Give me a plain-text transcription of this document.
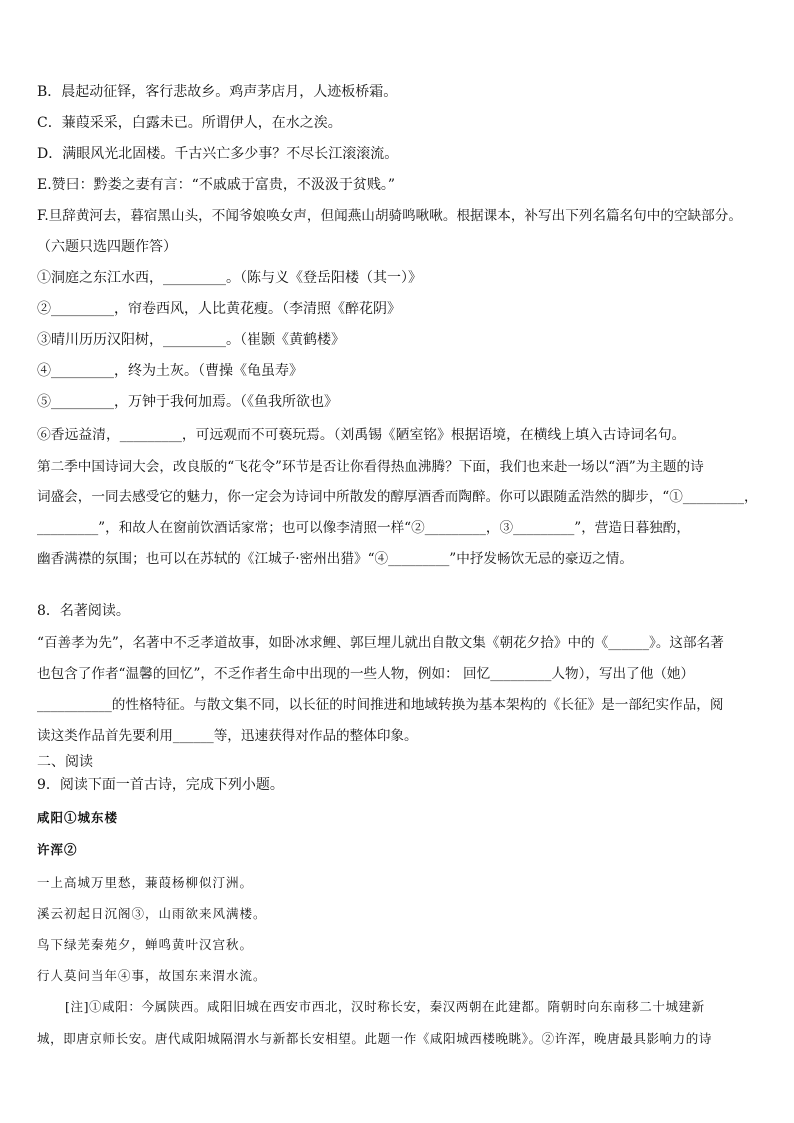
B．晨起动征铎，客行悲故乡。鸡声茅店月，人迹板桥霜。
C．蒹葭采采，白露未已。所谓伊人，在水之涘。
D．满眼风光北固楼。千古兴亡多少事？不尽长江滚滚流。
E.赞曰：黔娄之妻有言：“不戚戚于富贵，不汲汲于贫贱。”
F.旦辞黄河去，暮宿黑山头，不闻爷娘唤女声，但闻燕山胡骑鸣啾啾。根据课本，补写出下列名篇名句中的空缺部分。
（六题只选四题作答）
①洞庭之东江水西，_________。（陈与义《登岳阳楼（其一）》
②_________，帘卷西风，人比黄花瘦。（李清照《醉花阴》
③晴川历历汉阳树，_________。（崔颢《黄鹤楼》
④_________，终为土灰。（曹操《龟虽寿》
⑤_________，万钟于我何加焉。（《鱼我所欲也》
⑥香远益清，_________，可远观而不可亵玩焉。（刘禹锡《陋室铭》根据语境，在横线上填入古诗词名句。
第二季中国诗词大会，改良版的“飞花令”环节是否让你看得热血沸腾？下面，我们也来赴一场以“酒”为主题的诗
词盛会，一同去感受它的魅力，你一定会为诗词中所散发的醇厚酒香而陶醉。你可以跟随孟浩然的脚步，“①_________，
_________”，和故人在窗前饮酒话家常；也可以像李清照一样“②_________，③_________”，营造日暮独酌，
幽香满襟的氛围；也可以在苏轼的《江城子·密州出猎》“④_________”中抒发畅饮无忌的豪迈之情。
8．名著阅读。
“百善孝为先”，名著中不乏孝道故事，如卧冰求鲤、郭巨埋儿就出自散文集《朝花夕拾》中的《______》。这部名著
也包含了作者“温馨的回忆”，不乏作者生命中出现的一些人物，例如： 回忆_________人物），写出了他（她）
___________的性格特征。与散文集不同，以长征的时间推进和地域转换为基本架构的《长征》是一部纪实作品，阅
读这类作品首先要利用______等，迅速获得对作品的整体印象。
二、阅读
9．阅读下面一首古诗，完成下列小题。
咸阳①城东楼
许浑②
一上高城万里愁，蒹葭杨柳似汀洲。
溪云初起日沉阁③，山雨欲来风满楼。
鸟下绿芜秦苑夕，蝉鸣黄叶汉宫秋。
行人莫问当年④事，故国东来渭水流。
[注]①咸阳：今属陕西。咸阳旧城在西安市西北，汉时称长安，秦汉两朝在此建都。隋朝时向东南移二十城建新
城，即唐京师长安。唐代咸阳城隔渭水与新都长安相望。此题一作《咸阳城西楼晚眺》。②许浑，晚唐最具影响力的诗
